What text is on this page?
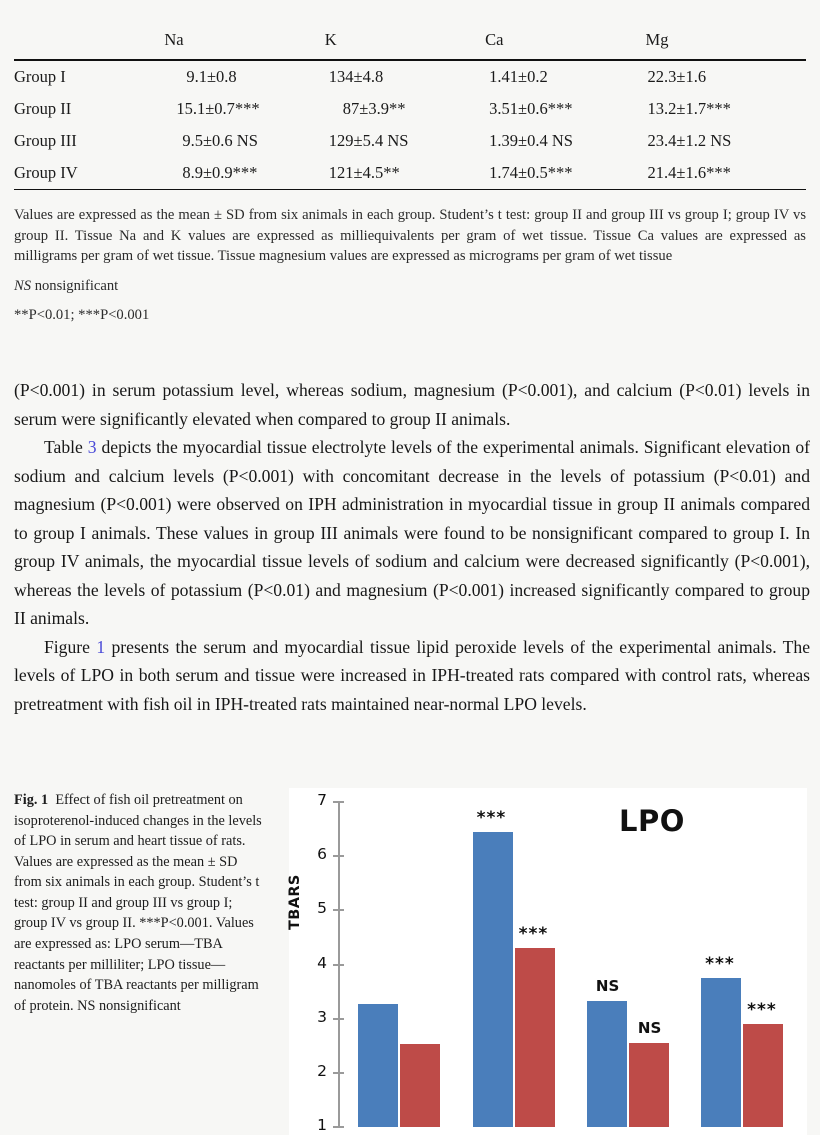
	Na	K	Ca	Mg
Group I	9.1±0.8	134±4.8	1.41±0.2	22.3±1.6
Group II	15.1±0.7***	87±3.9**	3.51±0.6***	13.2±1.7***
Group III	9.5±0.6 NS	129±5.4 NS	1.39±0.4 NS	23.4±1.2 NS
Group IV	8.9±0.9***	121±4.5**	1.74±0.5***	21.4±1.6***
Values are expressed as the mean ± SD from six animals in each group. Student’s t test: group II and group III vs group I; group IV vs group II. Tissue Na and K values are expressed as milliequivalents per gram of wet tissue. Tissue Ca values are expressed as milligrams per gram of wet tissue. Tissue magnesium values are expressed as micrograms per gram of wet tissue
NS nonsignificant
**P<0.01; ***P<0.001

(P<0.001) in serum potassium level, whereas sodium, magnesium (P<0.001), and calcium (P<0.01) levels in serum were significantly elevated when compared to group II animals.

Table 3 depicts the myocardial tissue electrolyte levels of the experimental animals. Significant elevation of sodium and calcium levels (P<0.001) with concomitant decrease in the levels of potassium (P<0.01) and magnesium (P<0.001) were observed on IPH administration in myocardial tissue in group II animals compared to group I animals. These values in group III animals were found to be nonsignificant compared to group I. In group IV animals, the myocardial tissue levels of sodium and calcium were decreased significantly (P<0.001), whereas the levels of potassium (P<0.01) and magnesium (P<0.001) increased significantly compared to group II animals.

Figure 1 presents the serum and myocardial tissue lipid peroxide levels of the experimental animals. The levels of LPO in both serum and tissue were increased in IPH-treated rats compared with control rats, whereas pretreatment with fish oil in IPH-treated rats maintained near-normal LPO levels.

Fig. 1 Effect of fish oil pretreatment on isoproterenol-induced changes in the levels of LPO in serum and heart tissue of rats. Values are expressed as the mean ± SD from six animals in each group. Student’s t test: group II and group III vs group I; group IV vs group II. ***P<0.001. Values are expressed as: LPO serum—TBA reactants per milliliter; LPO tissue—nanomoles of TBA reactants per milligram of protein. NS nonsignificant
TBARS
1
2
3
4
5
6
7
***
***
NS
NS
***
***
LPO
